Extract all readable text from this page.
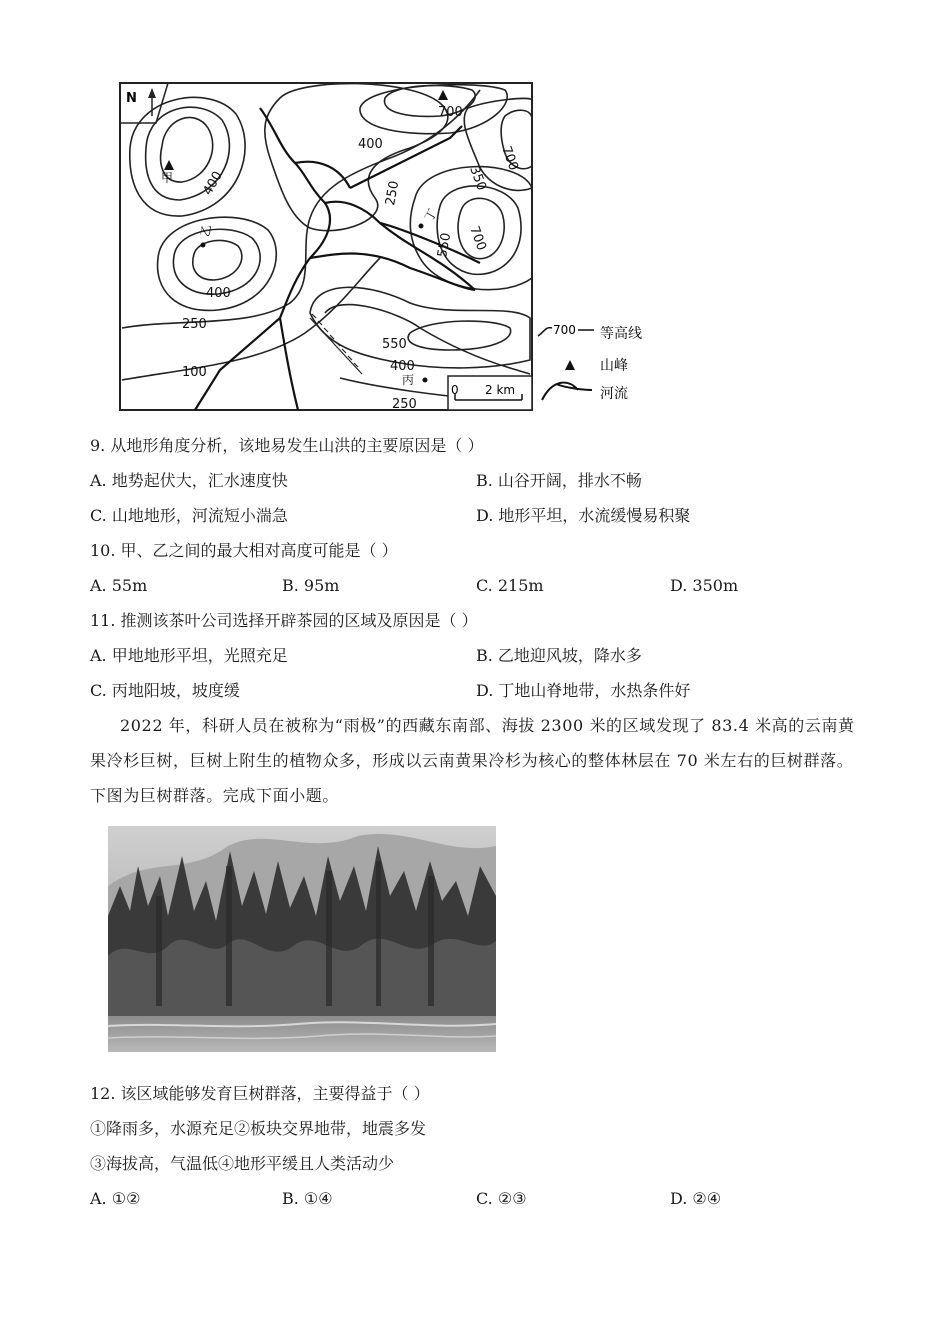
N
700
400
350
700
400	250
550 700
400
250
100
550
400
250
甲
乙
丙
丁
0 2 km
700 等高线
山峰
河流
9. 从地形角度分析，该地易发生山洪的主要原因是（ ）
A. 地势起伏大，汇水速度快	B. 山谷开阔，排水不畅
C. 山地地形，河流短小湍急	D. 地形平坦，水流缓慢易积聚
10. 甲、乙之间的最大相对高度可能是（ ）
A. 55m	B. 95m	C. 215m	D. 350m
11. 推测该茶叶公司选择开辟茶园的区域及原因是（ ）
A. 甲地地形平坦，光照充足	B. 乙地迎风坡，降水多
C. 丙地阳坡，坡度缓	D. 丁地山脊地带，水热条件好
2022 年，科研人员在被称为“雨极”的西藏东南部、海拔 2300 米的区域发现了 83.4 米高的云南黄果冷杉巨树，巨树上附生的植物众多，形成以云南黄果冷杉为核心的整体林层在 70 米左右的巨树群落。下图为巨树群落。完成下面小题。
12. 该区域能够发育巨树群落，主要得益于（ ）
①降雨多，水源充足②板块交界地带，地震多发
③海拔高，气温低④地形平缓且人类活动少
A. ①②	B. ①④	C. ②③	D. ②④
